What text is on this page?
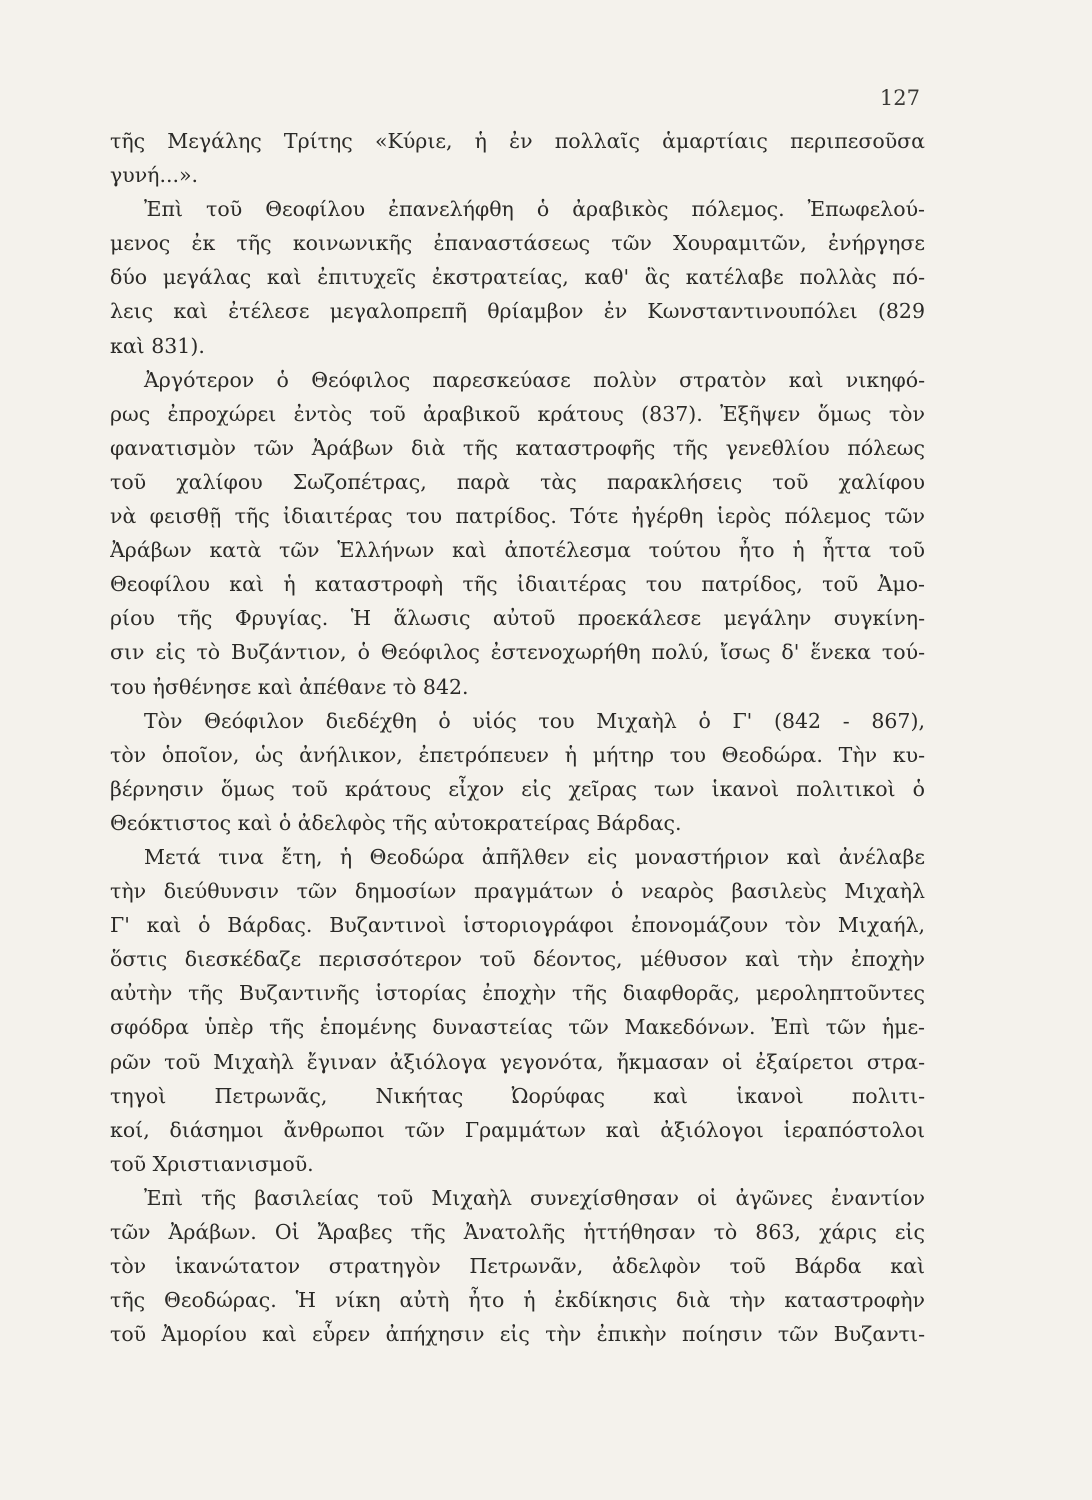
127
τῆς Μεγάλης Τρίτης «Κύριε, ἡ ἐν πολλαῖς ἁμαρτίαις περιπεσοῦσα
γυνή...».
Ἐπὶ τοῦ Θεοφίλου ἐπανελήφθη ὁ ἀραβικὸς πόλεμος. Ἐπωφελού-
μενος ἐκ τῆς κοινωνικῆς ἐπαναστάσεως τῶν Χουραμιτῶν, ἐνήργησε
δύο μεγάλας καὶ ἐπιτυχεῖς ἐκστρατείας, καθ' ἃς κατέλαβε πολλὰς πό-
λεις καὶ ἐτέλεσε μεγαλοπρεπῆ θρίαμβον ἐν Κωνσταντινουπόλει (829
καὶ 831).
Ἀργότερον ὁ Θεόφιλος παρεσκεύασε πολὺν στρατὸν καὶ νικηφό-
ρως ἐπροχώρει ἐντὸς τοῦ ἀραβικοῦ κράτους (837). Ἐξῆψεν ὅμως τὸν
φανατισμὸν τῶν Ἀράβων διὰ τῆς καταστροφῆς τῆς γενεθλίου πόλεως
τοῦ χαλίφου Σωζοπέτρας, παρὰ τὰς παρακλήσεις τοῦ χαλίφου
νὰ φεισθῇ τῆς ἰδιαιτέρας του πατρίδος. Τότε ἠγέρθη ἱερὸς πόλεμος τῶν
Ἀράβων κατὰ τῶν Ἑλλήνων καὶ ἀποτέλεσμα τούτου ἦτο ἡ ἧττα τοῦ
Θεοφίλου καὶ ἡ καταστροφὴ τῆς ἰδιαιτέρας του πατρίδος, τοῦ Ἀμο-
ρίου τῆς Φρυγίας. Ἡ ἅλωσις αὐτοῦ προεκάλεσε μεγάλην συγκίνη-
σιν εἰς τὸ Βυζάντιον, ὁ Θεόφιλος ἐστενοχωρήθη πολύ, ἴσως δ' ἕνεκα τού-
του ἠσθένησε καὶ ἀπέθανε τὸ 842.
Τὸν Θεόφιλον διεδέχθη ὁ υἱός του Μιχαὴλ ὁ Γ' (842 - 867),
τὸν ὁποῖον, ὡς ἀνήλικον, ἐπετρόπευεν ἡ μήτηρ του Θεοδώρα. Τὴν κυ-
βέρνησιν ὅμως τοῦ κράτους εἶχον εἰς χεῖρας των ἱκανοὶ πολιτικοὶ ὁ
Θεόκτιστος καὶ ὁ ἀδελφὸς τῆς αὐτοκρατείρας Βάρδας.
Μετά τινα ἔτη, ἡ Θεοδώρα ἀπῆλθεν εἰς μοναστήριον καὶ ἀνέλαβε
τὴν διεύθυνσιν τῶν δημοσίων πραγμάτων ὁ νεαρὸς βασιλεὺς Μιχαὴλ
Γ' καὶ ὁ Βάρδας. Βυζαντινοὶ ἱστοριογράφοι ἐπονομάζουν τὸν Μιχαήλ,
ὅστις διεσκέδαζε περισσότερον τοῦ δέοντος, μέθυσον καὶ τὴν ἐποχὴν
αὐτὴν τῆς Βυζαντινῆς ἱστορίας ἐποχὴν τῆς διαφθορᾶς, μεροληπτοῦντες
σφόδρα ὑπὲρ τῆς ἑπομένης δυναστείας τῶν Μακεδόνων. Ἐπὶ τῶν ἡμε-
ρῶν τοῦ Μιχαὴλ ἔγιναν ἀξιόλογα γεγονότα, ἤκμασαν οἱ ἐξαίρετοι στρα-
τηγοὶ Πετρωνᾶς, Νικήτας Ὠορύφας καὶ ἱκανοὶ πολιτι-
κοί, διάσημοι ἄνθρωποι τῶν Γραμμάτων καὶ ἀξιόλογοι ἱεραπόστολοι
τοῦ Χριστιανισμοῦ.
Ἐπὶ τῆς βασιλείας τοῦ Μιχαὴλ συνεχίσθησαν οἱ ἀγῶνες ἐναντίον
τῶν Ἀράβων. Οἱ Ἄραβες τῆς Ἀνατολῆς ἡττήθησαν τὸ 863, χάρις εἰς
τὸν ἱκανώτατον στρατηγὸν Πετρωνᾶν, ἀδελφὸν τοῦ Βάρδα καὶ
τῆς Θεοδώρας. Ἡ νίκη αὐτὴ ἦτο ἡ ἐκδίκησις διὰ τὴν καταστροφὴν
τοῦ Ἀμορίου καὶ εὗρεν ἀπήχησιν εἰς τὴν ἐπικὴν ποίησιν τῶν Βυζαντι-
